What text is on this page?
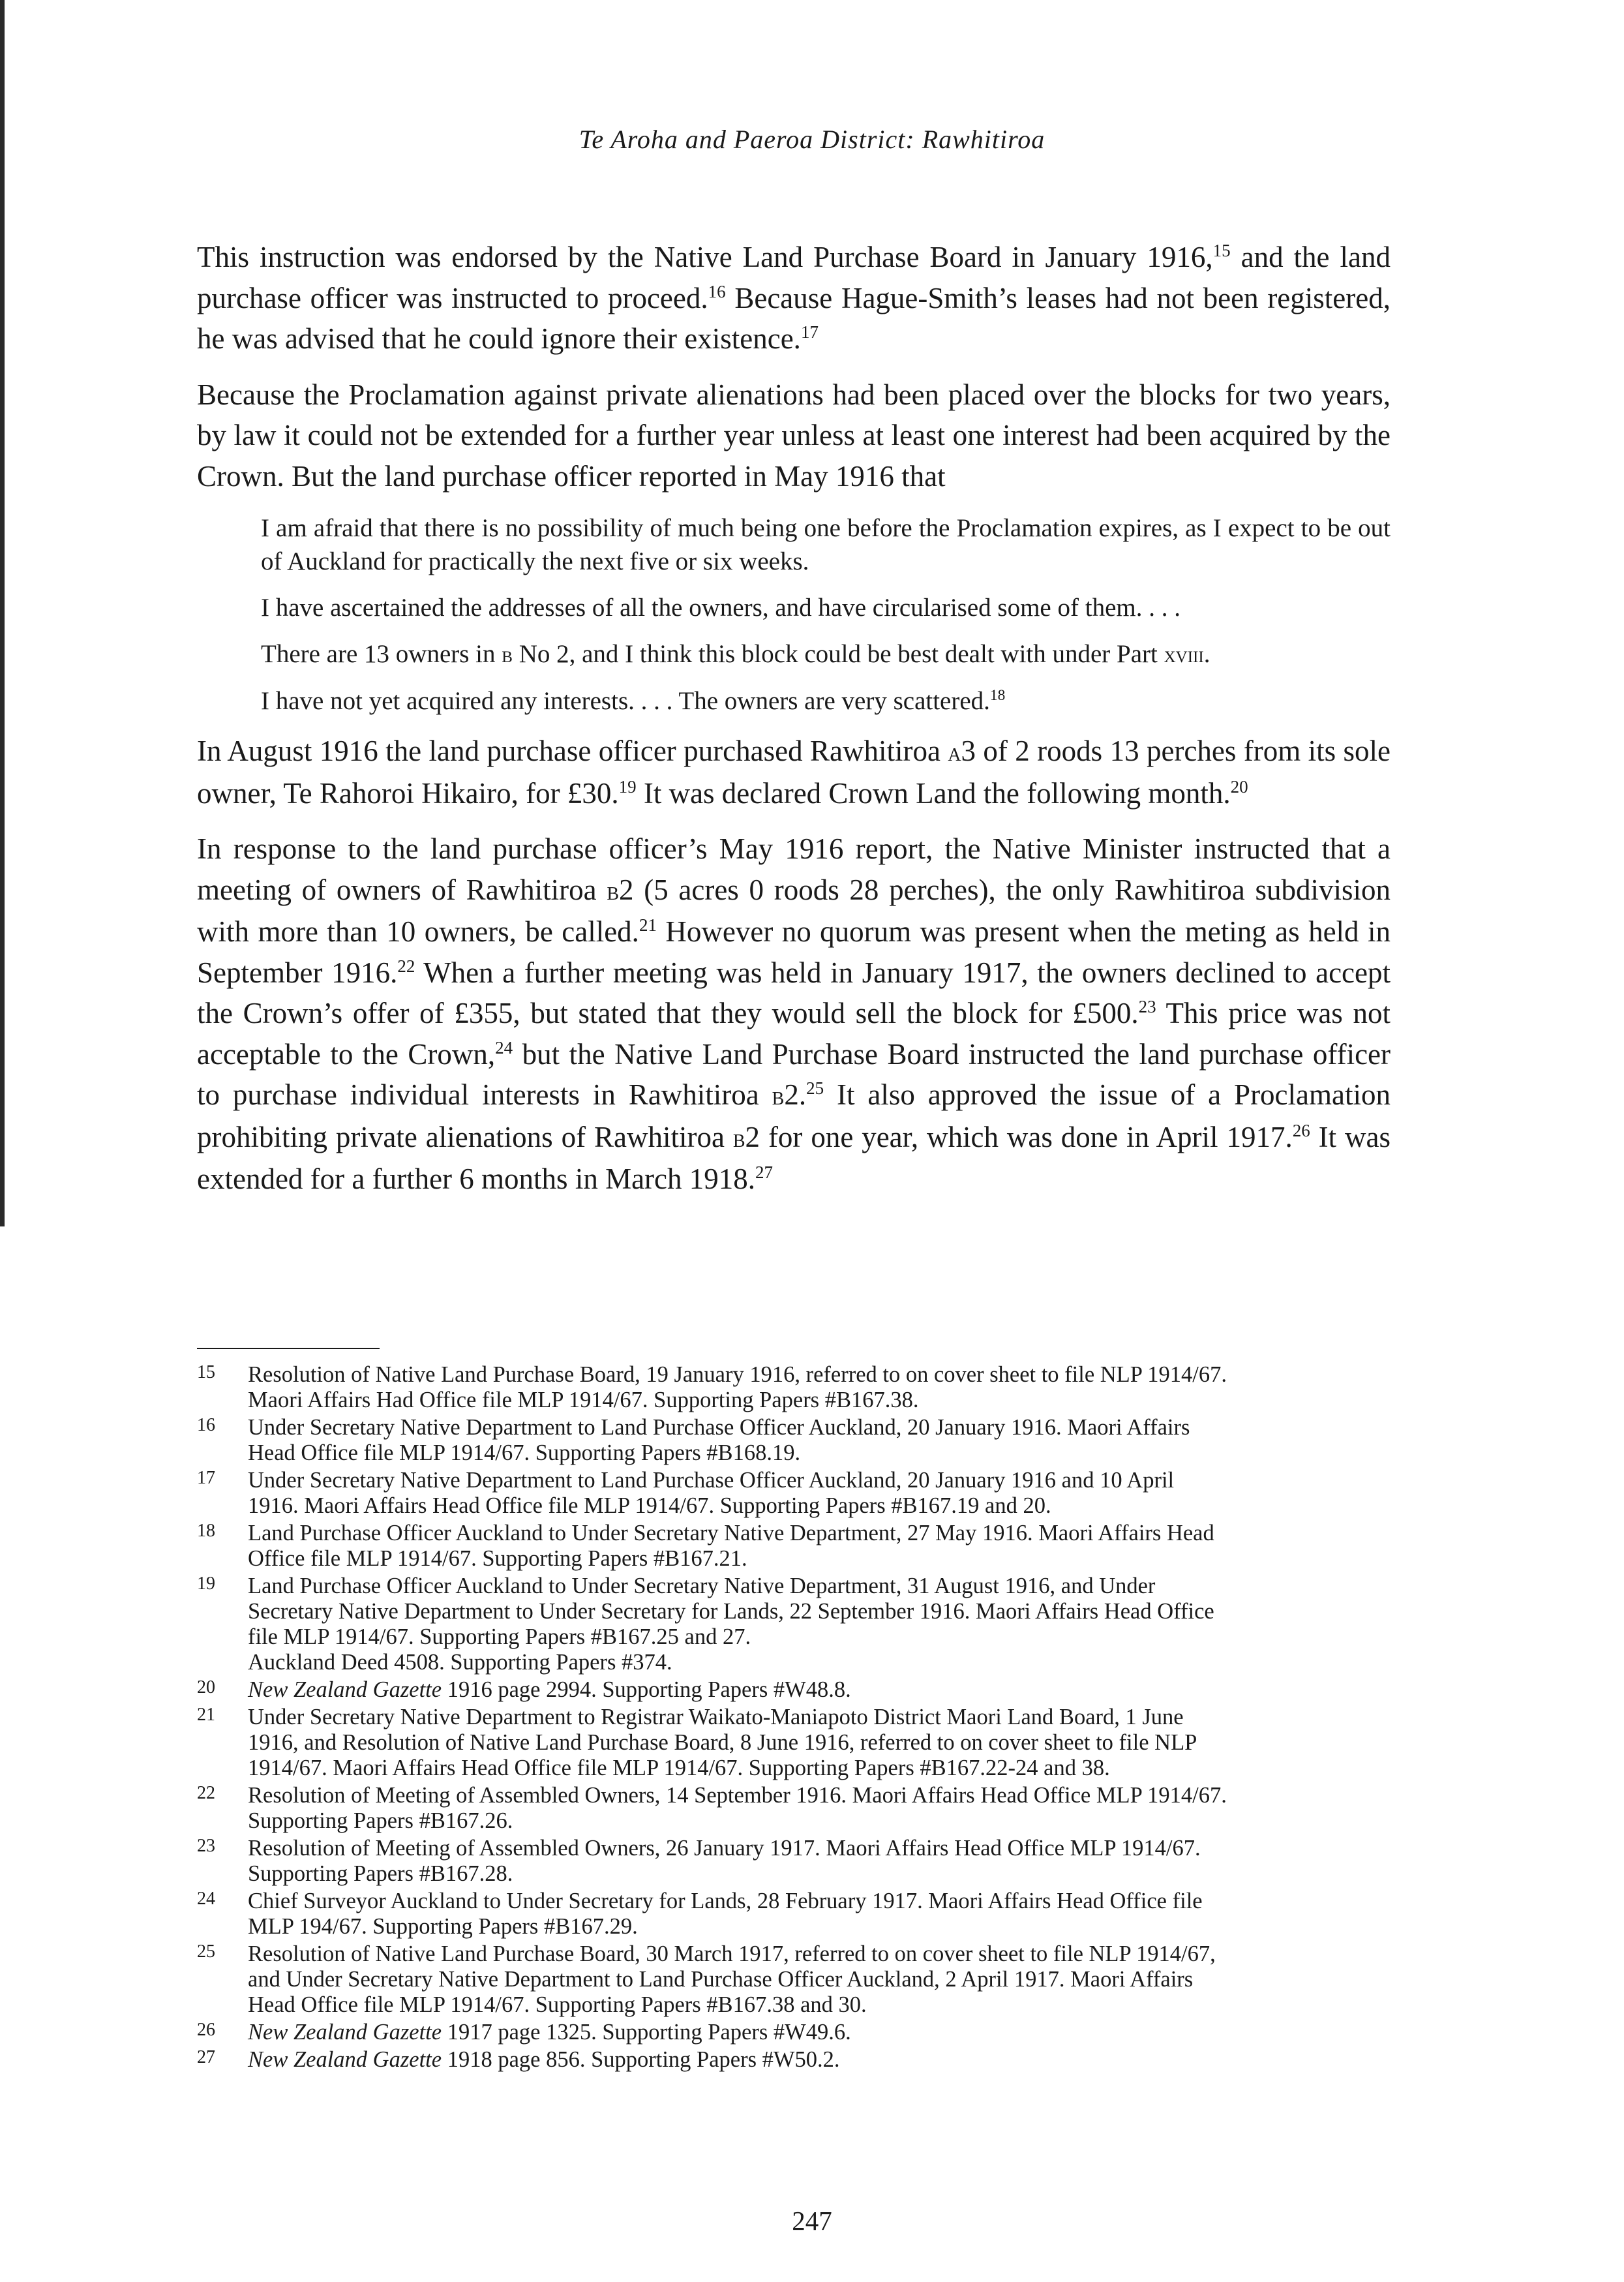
Te Aroha and Paeroa District: Rawhitiroa

This instruction was endorsed by the Native Land Purchase Board in January 1916,15 and the land purchase officer was instructed to proceed.$^{16}$ Because Hague-Smith’s leases had not been registered, he was advised that he could ignore their existence.$^{17}$

Because the Proclamation against private alienations had been placed over the blocks for two years, by law it could not be extended for a further year unless at least one interest had been acquired by the Crown. But the land purchase officer reported in May 1916 that

I am afraid that there is no possibility of much being one before the Proclamation expires, as I expect to be out of Auckland for practically the next five or six weeks.

I have ascertained the addresses of all the owners, and have circularised some of them. . . .

There are 13 owners in b No 2, and I think this block could be best dealt with under Part xviii.

I have not yet acquired any interests. . . . The owners are very scattered.$^{18}$

In August 1916 the land purchase officer purchased Rawhitiroa a3 of 2 roods 13 perches from its sole owner, Te Rahoroi Hikairo, for £30.19 It was declared Crown Land the following month.$^{20}$

In response to the land purchase officer’s May 1916 report, the Native Minister instructed that a meeting of owners of Rawhitiroa b2 (5 acres 0 roods 28 perches), the only Rawhitiroa subdivision with more than 10 owners, be called.$^{21}$ However no quorum was present when the meting as held in September 1916.22 When a further meeting was held in January 1917, the owners declined to accept the Crown’s offer of £355, but stated that they would sell the block for £500.23 This price was not acceptable to the Crown,$^{24}$ but the Native Land Purchase Board instructed the land purchase officer to purchase individual interests in Rawhitiroa b2.25 It also approved the issue of a Proclamation prohibiting private alienations of Rawhitiroa b2 for one year, which was done in April 1917.26 It was extended for a further 6 months in March 1918.27

15 Resolution of Native Land Purchase Board, 19 January 1916, referred to on cover sheet to file NLP 1914/67.
Maori Affairs Had Office file MLP 1914/67. Supporting Papers #B167.38.
16 Under Secretary Native Department to Land Purchase Officer Auckland, 20 January 1916. Maori Affairs
Head Office file MLP 1914/67. Supporting Papers #B168.19.
17 Under Secretary Native Department to Land Purchase Officer Auckland, 20 January 1916 and 10 April
1916. Maori Affairs Head Office file MLP 1914/67. Supporting Papers #B167.19 and 20.
18 Land Purchase Officer Auckland to Under Secretary Native Department, 27 May 1916. Maori Affairs Head
Office file MLP 1914/67. Supporting Papers #B167.21.
19 Land Purchase Officer Auckland to Under Secretary Native Department, 31 August 1916, and Under
Secretary Native Department to Under Secretary for Lands, 22 September 1916. Maori Affairs Head Office
file MLP 1914/67. Supporting Papers #B167.25 and 27.
Auckland Deed 4508. Supporting Papers #374.
20 New Zealand Gazette 1916 page 2994. Supporting Papers #W48.8.
21 Under Secretary Native Department to Registrar Waikato-Maniapoto District Maori Land Board, 1 June
1916, and Resolution of Native Land Purchase Board, 8 June 1916, referred to on cover sheet to file NLP
1914/67. Maori Affairs Head Office file MLP 1914/67. Supporting Papers #B167.22-24 and 38.
22 Resolution of Meeting of Assembled Owners, 14 September 1916. Maori Affairs Head Office MLP 1914/67.
Supporting Papers #B167.26.
23 Resolution of Meeting of Assembled Owners, 26 January 1917. Maori Affairs Head Office MLP 1914/67.
Supporting Papers #B167.28.
24 Chief Surveyor Auckland to Under Secretary for Lands, 28 February 1917. Maori Affairs Head Office file
MLP 194/67. Supporting Papers #B167.29.
25 Resolution of Native Land Purchase Board, 30 March 1917, referred to on cover sheet to file NLP 1914/67,
and Under Secretary Native Department to Land Purchase Officer Auckland, 2 April 1917. Maori Affairs
Head Office file MLP 1914/67. Supporting Papers #B167.38 and 30.
26 New Zealand Gazette 1917 page 1325. Supporting Papers #W49.6.
27 New Zealand Gazette 1918 page 856. Supporting Papers #W50.2.
247
